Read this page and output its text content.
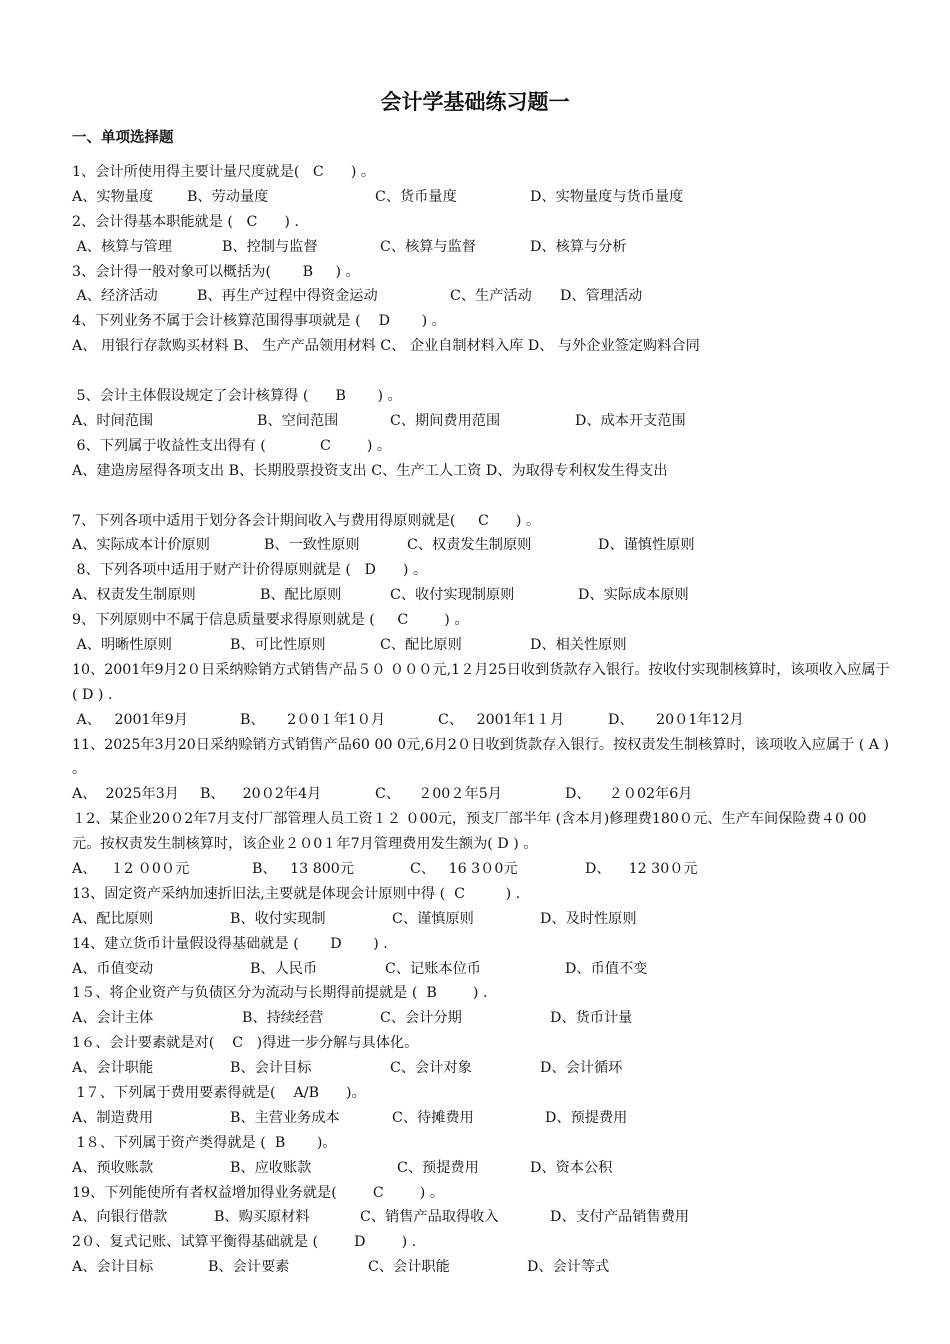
会计学基础练习题一
一、单项选择题
1、会计所使用得主要计量尺度就是(   C      ) 。
A、实物量度 B、劳动量度	C、货币量度	D、实物量度与货币量度
2、会计得基本职能就是 (   C      ) .
A、核算与管理	B、控制与监督	C、核算与监督	D、核算与分析
3、会计得一般对象可以概括为(       B     ) 。
A、经济活动	B、再生产过程中得资金运动	C、生产活动 D、管理活动
4、下列业务不属于会计核算范围得事项就是 (    D       ) 。
A、 用银行存款购买材料 B、 生产产品领用材料 C、 企业自制材料入库 D、 与外企业签定购料合同
5、会计主体假设规定了会计核算得 (      B       ) 。
A、时间范围	B、空间范围	C、期间费用范围	D、成本开支范围
6、下列属于收益性支出得有 (            C        ) 。
A、建造房屋得各项支出 B、长期股票投资支出 C、生产工人工资 D、为取得专利权发生得支出
7、下列各项中适用于划分各会计期间收入与费用得原则就是(     C      ) 。
A、实际成本计价原则	B、一致性原则	C、权责发生制原则	D、谨慎性原则
8、下列各项中适用于财产计价得原则就是 (   D      ) 。
A、权责发生制原则	B、配比原则	C、收付实现制原则	D、实际成本原则
9、下列原则中不属于信息质量要求得原则就是 (     C        ) 。
A、明晰性原则	B、可比性原则	C、配比原则	D、相关性原则
10、2001年9月2０日采纳赊销方式销售产品５０ ０００元,1２月25日收到货款存入银行。按收付实现制核算时，该项收入应属于 ( D ) .
A、   2001年9月	B、     2０0１年1０月	C、   2001年1１月	D、     20０1年12月
11、2025年3月20日采纳赊销方式销售产品60 00 0元,6月2０日收到货款存入银行。按权责发生制核算时，该项收入应属于 ( A ) 。
A、  2025年3月 B、    20０2年4月	C、    ２00２年5月	D、    ２０02年6月
１2、某企业20０2年7月支付厂部管理人员工资１２ ０00元，预支厂部半年 (含本月)修理费180０元、生产车间保险费４0 00元。按权责发生制核算时，该企业２０0１年7月管理费用发生额为( D ) 。
A、   １2 ０0０元	B、   13 800元	C、   16 3０0元	D、    12 30０元
13、固定资产采纳加速折旧法,主要就是体现会计原则中得 (  C         ) .
A、配比原则	B、收付实现制	C、谨慎原则	D、及时性原则
14、建立货币计量假设得基础就是 (       D       ) .
A、币值变动	B、人民币	C、记账本位币	D、币值不变
1５、将企业资产与负债区分为流动与长期得前提就是 (  B        ) .
A、会计主体	B、持续经营	C、会计分期	D、货币计量
1６、会计要素就是对(    C   )得进一步分解与具体化。
A、会计职能	B、会计目标	C、会计对象	D、会计循环
1７、下列属于费用要素得就是(    A/B      )。
A、制造费用	B、主营业务成本	C、待摊费用	D、预提费用
1８、下列属于资产类得就是 (  B       )。
A、预收账款	B、应收账款	C、预提费用	D、资本公积
19、下列能使所有者权益增加得业务就是(        C        ) 。
A、向银行借款	B、购买原材料	C、销售产品取得收入	D、支付产品销售费用
2０、复式记账、试算平衡得基础就是 (        D        ) .
A、会计目标	B、会计要素	C、会计职能	D、会计等式
